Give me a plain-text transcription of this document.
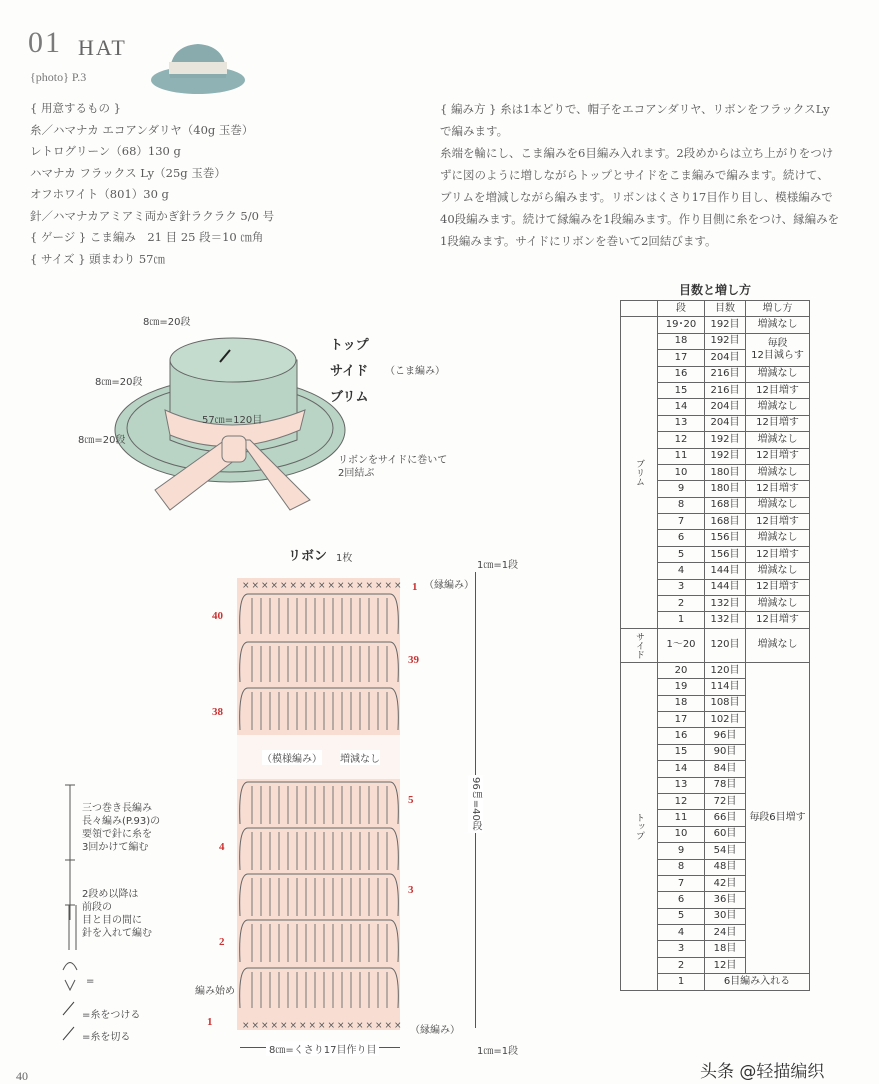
01 HAT
{photo} P.3
{ 用意するもの }
糸／ハマナカ エコアンダリヤ（40g 玉巻）
レトログリーン（68）130 g
ハマナカ フラックス Ly（25g 玉巻）
オフホワイト（801）30 g
針／ハマナカアミアミ両かぎ針ラクラク 5/0 号
{ ゲージ } こま編み　21 目 25 段＝10 ㎝角
{ サイズ } 頭まわり 57㎝
{ 編み方 } 糸は1本どりで、帽子をエコアンダリヤ、リボンをフラックスLyで編みます。
糸端を輪にし、こま編みを6目編み入れます。2段めからは立ち上がりをつけずに図のように増しながらトップとサイドをこま編みで編みます。続けて、ブリムを増減しながら編みます。リボンはくさり17目作り目し、模様編みで40段編みます。続けて縁編みを1段編みます。作り目側に糸をつけ、縁編みを1段編みます。サイドにリボンを巻いて2回結びます。
8㎝=20段
8㎝=20段
8㎝=20段
トップ
サイド
ブリム
（こま編み）
57㎝=120目
リボンをサイドに巻いて
2回結ぶ
リボン 1枚
×
×
×
×
×
×
×
×
×
×
×
×
×
×
×
×
×
×
×
×
×
×
×
×
×
×
×
×
×
×
×
×
×
×
（縁編み）
（縁編み）
（模様編み） 増減なし
40
38
4
2
1
1
39
5
3
編み始め
1㎝=1段
1㎝=1段
96㎝=40段
8㎝=くさり17目作り目
三つ巻き長編み
長々編み(P.93)の
要領で針に糸を
3回かけて編む
2段め以降は
前段の
目と目の間に
針を入れて編む
=
=糸をつける
=糸を切る
目数と増し方
	段	目数	増し方
ブリム	19･20	192目	増減なし
	18	192目	毎段
12目減らす
	17	204目	
	16	216目	増減なし
	15	216目	12目増す
	14	204目	増減なし
	13	204目	12目増す
	12	192目	増減なし
	11	192目	12目増す
	10	180目	増減なし
	9	180目	12目増す
	8	168目	増減なし
	7	168目	12目増す
	6	156目	増減なし
	5	156目	12目増す
	4	144目	増減なし
	3	144目	12目増す
	2	132目	増減なし
	1	132目	12目増す
サイド	1〜20	120目	増減なし
トップ	20	120目	毎段6目増す
	19	114目	
	18	108目	
	17	102目	
	16	96目	
	15	90目	
	14	84目	
	13	78目	
	12	72目	
	11	66目	
	10	60目	
	9	54目	
	8	48目	
	7	42目	
	6	36目	
	5	30目	
	4	24目	
	3	18目	
	2	12目	
	1	6目編み入れる	
40	头条 @轻描编织
